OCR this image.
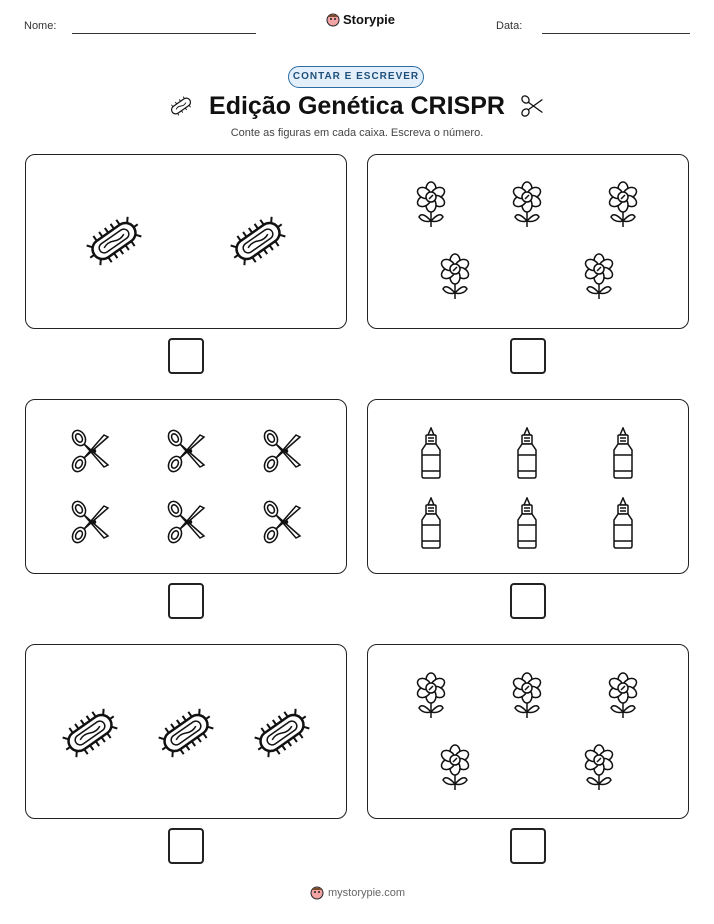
Nome:	Storypie	Data:
CONTAR E ESCREVER
Edição Genética CRISPR
Conte as figuras em cada caixa. Escreva o número.
mystorypie.com
